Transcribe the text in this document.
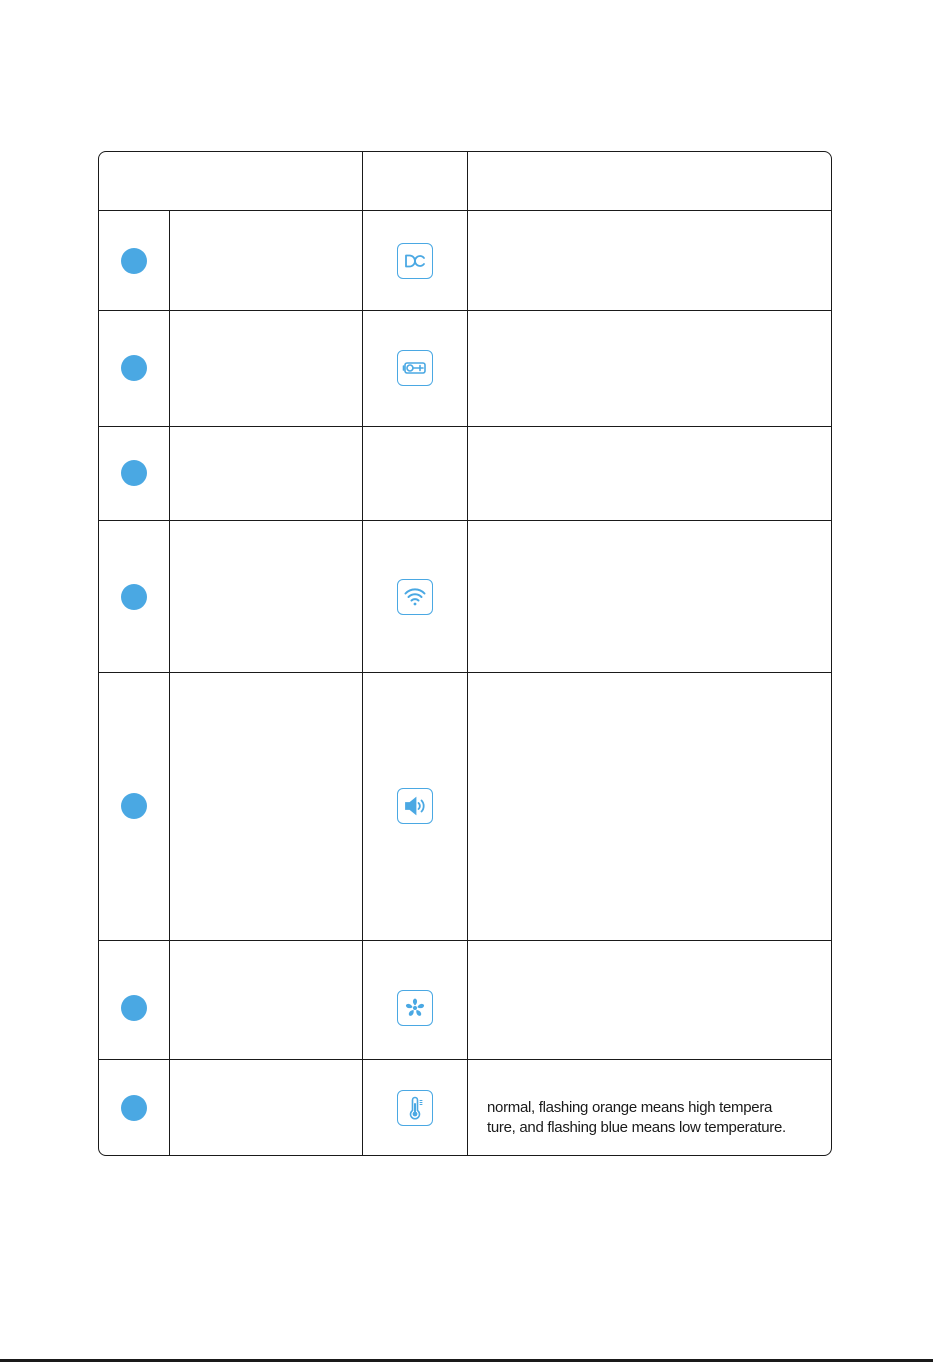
normal, flashing orange means high tempera
ture, and flashing blue means low temperature.
